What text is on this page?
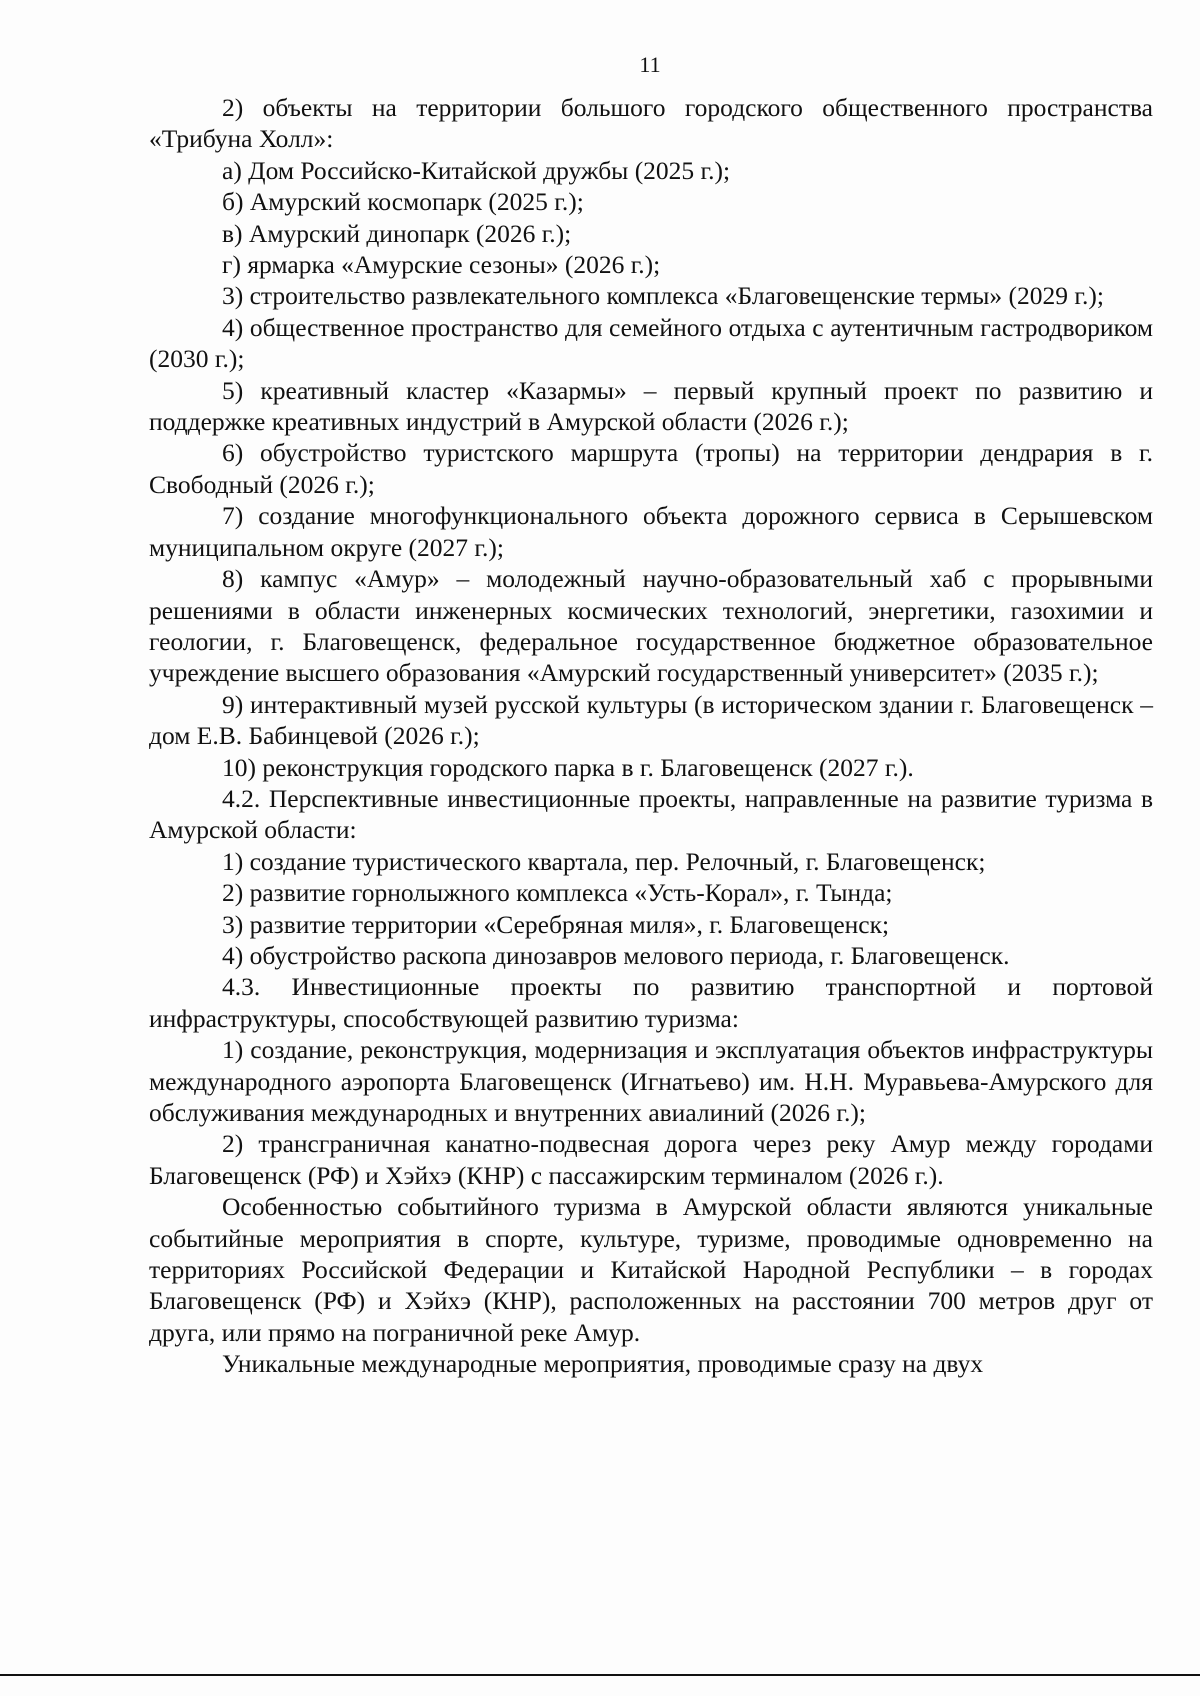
11

2) объекты на территории большого городского общественного пространства «Трибуна Холл»:

а) Дом Российско-Китайской дружбы (2025 г.);

б) Амурский космопарк (2025 г.);

в) Амурский динопарк (2026 г.);

г) ярмарка «Амурские сезоны» (2026 г.);

3) строительство развлекательного комплекса «Благовещенские термы» (2029 г.);

4) общественное пространство для семейного отдыха с аутентичным гастродвориком (2030 г.);

5) креативный кластер «Казармы» – первый крупный проект по развитию и поддержке креативных индустрий в Амурской области (2026 г.);

6) обустройство туристского маршрута (тропы) на территории дендрария в г. Свободный (2026 г.);

7) создание многофункционального объекта дорожного сервиса в Серышевском муниципальном округе (2027 г.);

8) кампус «Амур» – молодежный научно-образовательный хаб с прорывными решениями в области инженерных космических технологий, энергетики, газохимии и геологии, г. Благовещенск, федеральное государственное бюджетное образовательное учреждение высшего образования «Амурский государственный университет» (2035 г.);

9) интерактивный музей русской культуры (в историческом здании г. Благовещенск – дом Е.В. Бабинцевой (2026 г.);

10) реконструкция городского парка в г. Благовещенск (2027 г.).

4.2. Перспективные инвестиционные проекты, направленные на развитие туризма в Амурской области:

1) создание туристического квартала, пер. Релочный, г. Благовещенск;

2) развитие горнолыжного комплекса «Усть-Корал», г. Тында;

3) развитие территории «Серебряная миля», г. Благовещенск;

4) обустройство раскопа динозавров мелового периода, г. Благовещенск.

4.3. Инвестиционные проекты по развитию транспортной и портовой инфраструктуры, способствующей развитию туризма:

1) создание, реконструкция, модернизация и эксплуатация объектов инфраструктуры международного аэропорта Благовещенск (Игнатьево) им. Н.Н. Муравьева-Амурского для обслуживания международных и внутренних авиалиний (2026 г.);

2) трансграничная канатно-подвесная дорога через реку Амур между городами Благовещенск (РФ) и Хэйхэ (КНР) с пассажирским терминалом (2026 г.).

Особенностью событийного туризма в Амурской области являются уникальные событийные мероприятия в спорте, культуре, туризме, проводимые одновременно на территориях Российской Федерации и Китайской Народной Республики – в городах Благовещенск (РФ) и Хэйхэ (КНР), расположенных на расстоянии 700 метров друг от друга, или прямо на пограничной реке Амур.

Уникальные международные мероприятия, проводимые сразу на двух
